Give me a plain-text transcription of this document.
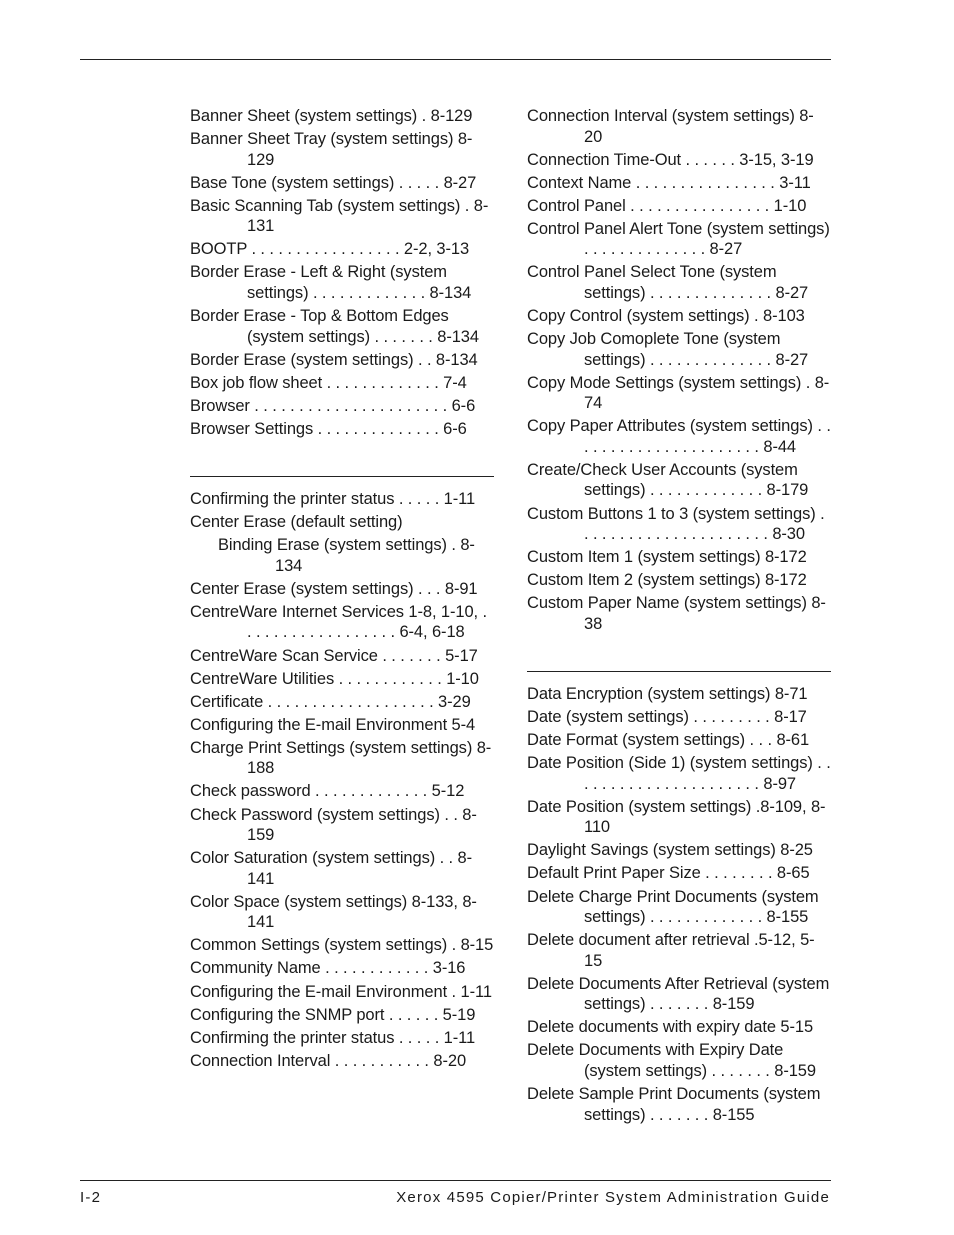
Banner Sheet (system settings) . 8-129
Banner Sheet Tray (system settings) 8-129
Base Tone (system settings) . . . . . 8-27
Basic Scanning Tab (system settings) . 8-131
BOOTP . . . . . . . . . . . . . . . . . 2-2, 3-13
Border Erase - Left & Right (system settings) . . . . . . . . . . . . . 8-134
Border Erase - Top & Bottom Edges (system settings) . . . . . . . 8-134
Border Erase (system settings) . . 8-134
Box job flow sheet . . . . . . . . . . . . . 7-4
Browser . . . . . . . . . . . . . . . . . . . . . . 6-6
Browser Settings . . . . . . . . . . . . . . 6-6
Confirming the printer status . . . . . 1-11
Center Erase (default setting)
Binding Erase (system settings) . 8-134
Center Erase (system settings) . . . 8-91
CentreWare Internet Services 1-8, 1-10, . . . . . . . . . . . . . . . . . . 6-4, 6-18
CentreWare Scan Service . . . . . . . 5-17
CentreWare Utilities . . . . . . . . . . . . 1-10
Certificate . . . . . . . . . . . . . . . . . . . 3-29
Configuring the E-mail Environment 5-4
Charge Print Settings (system settings) 8-188
Check password . . . . . . . . . . . . . 5-12
Check Password (system settings) . . 8-159
Color Saturation (system settings) . . 8-141
Color Space (system settings) 8-133, 8-141
Common Settings (system settings) . 8-15
Community Name . . . . . . . . . . . . 3-16
Configuring the E-mail Environment . 1-11
Configuring the SNMP port . . . . . . 5-19
Confirming the printer status . . . . . 1-11
Connection Interval . . . . . . . . . . . 8-20
Connection Interval (system settings) 8-20
Connection Time-Out . . . . . . 3-15, 3-19
Context Name . . . . . . . . . . . . . . . . 3-11
Control Panel . . . . . . . . . . . . . . . . 1-10
Control Panel Alert Tone (system settings) . . . . . . . . . . . . . . 8-27
Control Panel Select Tone (system settings) . . . . . . . . . . . . . . 8-27
Copy Control (system settings) . 8-103
Copy Job Comoplete Tone (system settings) . . . . . . . . . . . . . . 8-27
Copy Mode Settings (system settings) . 8-74
Copy Paper Attributes (system settings) . . . . . . . . . . . . . . . . . . . . . . 8-44
Create/Check User Accounts (system settings) . . . . . . . . . . . . . 8-179
Custom Buttons 1 to 3 (system settings) . . . . . . . . . . . . . . . . . . . . . . 8-30
Custom Item 1 (system settings) 8-172
Custom Item 2 (system settings) 8-172
Custom Paper Name (system settings) 8-38
Data Encryption (system settings) 8-71
Date (system settings) . . . . . . . . . 8-17
Date Format (system settings) . . . 8-61
Date Position (Side 1) (system settings) . . . . . . . . . . . . . . . . . . . . . . 8-97
Date Position (system settings) .8-109, 8-110
Daylight Savings (system settings) 8-25
Default Print Paper Size . . . . . . . . 8-65
Delete Charge Print Documents (system settings) . . . . . . . . . . . . . 8-155
Delete document after retrieval .5-12, 5-15
Delete Documents After Retrieval (system settings) . . . . . . . 8-159
Delete documents with expiry date 5-15
Delete Documents with Expiry Date (system settings) . . . . . . . 8-159
Delete Sample Print Documents (system settings) . . . . . . . 8-155
I-2	Xerox 4595 Copier/Printer System Administration Guide
